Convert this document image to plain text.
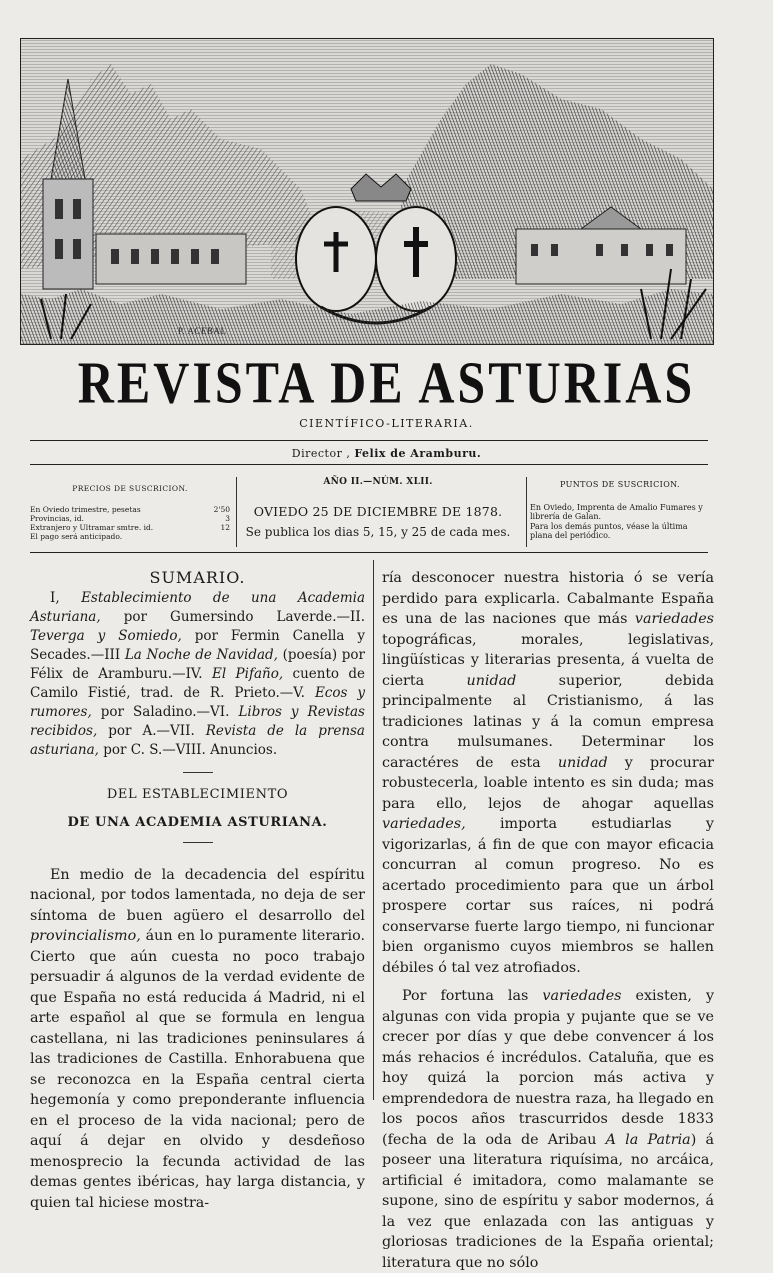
P. ACEBAL
REVISTA DE ASTURIAS
CIENTÍFICO-LITERARIA.
Director , Felix de Aramburu.
PRECIOS DE SUSCRICION.
En Oviedo trimestre, pesetas	2'50
Provincias, id.	3
Extranjero y Ultramar smtre. id.	12
El pago será anticipado.
AÑO II.—NÚM. XLII.
OVIEDO 25 DE DICIEMBRE DE 1878.
Se publica los dias 5, 15, y 25 de cada mes.
PUNTOS DE SUSCRICION.
En Oviedo, Imprenta de Amalio Fumares y librería de Galan.
Para los demás puntos, véase la última plana del periódico.
SUMARIO.

I, Establecimiento de una Academia Asturiana, por Gumersindo Laverde.—II. Teverga y Somiedo, por Fermin Canella y Secades.—III La Noche de Navidad, (poesía) por Félix de Aramburu.—IV. El Pifaño, cuento de Camilo Fistié, trad. de R. Prieto.—V. Ecos y rumores, por Saladino.—VI. Libros y Revistas recibidos, por A.—VII. Revista de la prensa asturiana, por C. S.—VIII. Anuncios.

DEL ESTABLECIMIENTO
DE UNA ACADEMIA ASTURIANA.

En medio de la decadencia del espíritu nacional, por todos lamentada, no deja de ser síntoma de buen agüero el desarrollo del provincialismo, áun en lo puramente literario. Cierto que aún cuesta no poco trabajo persuadir á algunos de la verdad evidente de que España no está reducida á Madrid, ni el arte español al que se formula en lengua castellana, ni las tradiciones peninsulares á las tradiciones de Castilla. Enhorabuena que se reconozca en la España central cierta hegemonía y como preponderante influencia en el proceso de la vida nacional; pero de aquí á dejar en olvido y desdeñoso menosprecio la fecunda actividad de las demas gentes ibéricas, hay larga distancia, y quien tal hiciese mostra-

ría desconocer nuestra historia ó se vería perdido para explicarla. Cabalmante España es una de las naciones que más variedades topográficas, morales, legislativas, lingüísticas y literarias presenta, á vuelta de cierta	unidad	superior, debida principalmente al Cristianismo, á las tradiciones latinas y á la comun empresa contra mulsumanes. Determinar los caractéres de esta unidad y procurar robustecerla, loable intento es sin duda; mas para ello, lejos de ahogar aquellas variedades, importa estudiarlas y vigorizarlas, á fin de que con mayor eficacia concurran al comun progreso. No es acertado procedimiento para que un árbol prospere cortar sus raíces, ni podrá conservarse fuerte largo tiempo, ni funcionar bien organismo cuyos miembros se hallen débiles ó tal vez atrofiados.

Por fortuna las variedades existen, y algunas con vida propia y pujante que se ve crecer por días y que debe convencer á los más rehacios é incrédulos. Cataluña, que es hoy quizá la porcion más activa y emprendedora de nuestra raza, ha llegado en los pocos años trascurridos desde 1833 (fecha de la oda de Aribau A la Patria) á poseer una literatura riquísima, no arcáica, artificial é imitadora, como malamante se supone, sino de espíritu y sabor modernos, á la vez que enlazada con las antiguas y gloriosas tradiciones de la España oriental; literatura que no sólo
